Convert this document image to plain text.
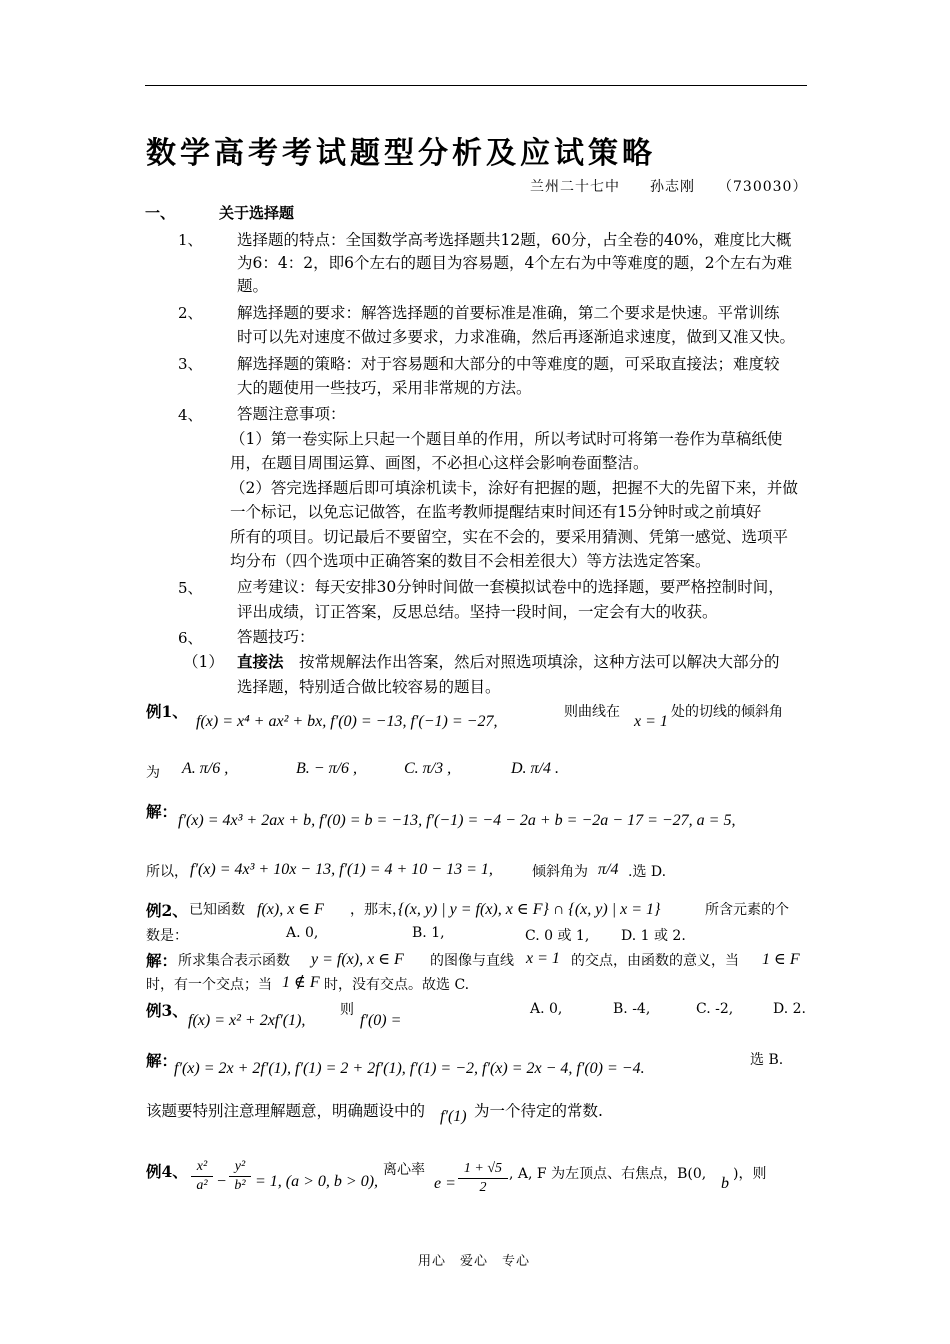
数学高考考试题型分析及应试策略
兰州二十七中　　孙志刚　　（730030）
一、	关于选择题
1、 选择题的特点：全国数学高考选择题共12题，60分，占全卷的40%，难度比大概
为6：4：2，即6个左右的题目为容易题，4个左右为中等难度的题，2个左右为难
题。
2、 解选择题的要求：解答选择题的首要标准是准确，第二个要求是快速。平常训练
时可以先对速度不做过多要求，力求准确，然后再逐渐追求速度，做到又准又快。
3、 解选择题的策略：对于容易题和大部分的中等难度的题，可采取直接法；难度较
大的题使用一些技巧，采用非常规的方法。
4、 答题注意事项：
（1）第一卷实际上只起一个题目单的作用，所以考试时可将第一卷作为草稿纸使
用，在题目周围运算、画图，不必担心这样会影响卷面整洁。
（2）答完选择题后即可填涂机读卡，涂好有把握的题，把握不大的先留下来，并做
一个标记，以免忘记做答，在监考教师提醒结束时间还有15分钟时或之前填好
所有的项目。切记最后不要留空，实在不会的，要采用猜测、凭第一感觉、选项平
均分布（四个选项中正确答案的数目不会相差很大）等方法选定答案。
5、 应考建议：每天安排30分钟时间做一套模拟试卷中的选择题，要严格控制时间，
评出成绩，订正答案，反思总结。坚持一段时间，一定会有大的收获。
6、 答题技巧：
（1） 直接法 按常规解法作出答案，然后对照选项填涂，这种方法可以解决大部分的
选择题，特别适合做比较容易的题目。
例1、
f(x) = x⁴ + ax² + bx, f′(0) = −13, f′(−1) = −27,
则曲线在
x = 1
处的切线的倾斜角
为 A. π/6 ,	B. − π/6 ,	C. π/3 ,	D. π/4 .
解： f′(x) = 4x³ + 2ax + b, f′(0) = b = −13, f′(−1) = −4 − 2a + b = −2a − 17 = −27, a = 5,
所以， f′(x) = 4x³ + 10x − 13, f′(1) = 4 + 10 − 13 = 1,	倾斜角为 π/4 .选 D.
例2、 已知函数 f(x), x ∈ F ，那末，
{(x, y) | y = f(x), x ∈ F} ∩ {(x, y) | x = 1}	所含元素的个
数是：	A. 0,	B. 1,	C. 0 或 1, D. 1 或 2.
解： 所求集合表示函数 y = f(x), x ∈ F 的图像与直线 x = 1 的交点，由函数的意义，当 1 ∈ F
时，有一个交点；当 1 ∉ F 时，没有交点。故选 C.
例3、
f(x) = x² + 2xf′(1),
则
f′(0) =
A. 0,	B. -4,	C. -2,	D. 2.
解：
f′(x) = 2x + 2f′(1), f′(1) = 2 + 2f′(1), f′(1) = −2, f′(x) = 2x − 4, f′(0) = −4.	选 B.
该题要特别注意理解题意，明确题设中的 f′(1) 为一个待定的常数.
例4、 x²
a² −
y²
b² = 1, (a > 0, b > 0),
离心率
e =
1 + √5
2
, A, F 为左顶点、右焦点，B(0,
b
)，则
用心　爱心　专心
